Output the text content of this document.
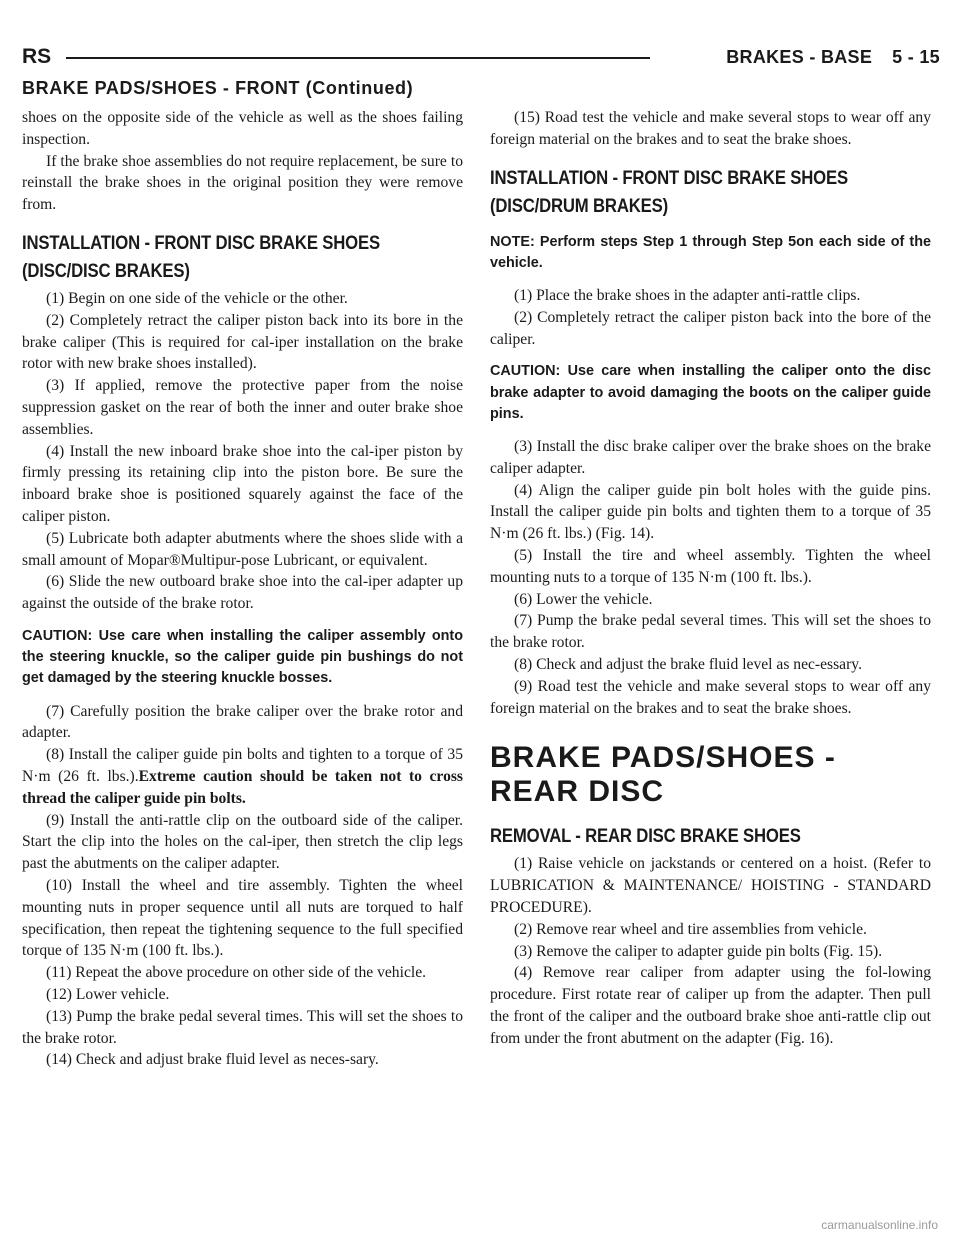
RS	BRAKES - BASE 5 - 15
BRAKE PADS/SHOES - FRONT (Continued)

shoes on the opposite side of the vehicle as well as the shoes failing inspection.

If the brake shoe assemblies do not require replacement, be sure to reinstall the brake shoes in the original position they were remove from.

INSTALLATION - FRONT DISC BRAKE SHOES (DISC/DISC BRAKES)

(1) Begin on one side of the vehicle or the other.

(2) Completely retract the caliper piston back into its bore in the brake caliper (This is required for cal-iper installation on the brake rotor with new brake shoes installed).

(3) If applied, remove the protective paper from the noise suppression gasket on the rear of both the inner and outer brake shoe assemblies.

(4) Install the new inboard brake shoe into the cal-iper piston by firmly pressing its retaining clip into the piston bore. Be sure the inboard brake shoe is positioned squarely against the face of the caliper piston.

(5) Lubricate both adapter abutments where the shoes slide with a small amount of Mopar®Multipur-pose Lubricant, or equivalent.

(6) Slide the new outboard brake shoe into the cal-iper adapter up against the outside of the brake rotor.

CAUTION: Use care when installing the caliper assembly onto the steering knuckle, so the caliper guide pin bushings do not get damaged by the steering knuckle bosses.

(7) Carefully position the brake caliper over the brake rotor and adapter.

(8) Install the caliper guide pin bolts and tighten to a torque of 35 N·m (26 ft. lbs.).Extreme caution should be taken not to cross thread the caliper guide pin bolts.

(9) Install the anti-rattle clip on the outboard side of the caliper. Start the clip into the holes on the cal-iper, then stretch the clip legs past the abutments on the caliper adapter.

(10) Install the wheel and tire assembly. Tighten the wheel mounting nuts in proper sequence until all nuts are torqued to half specification, then repeat the tightening sequence to the full specified torque of 135 N·m (100 ft. lbs.).

(11) Repeat the above procedure on other side of the vehicle.

(12) Lower vehicle.

(13) Pump the brake pedal several times. This will set the shoes to the brake rotor.

(14) Check and adjust brake fluid level as neces-sary.

(15) Road test the vehicle and make several stops to wear off any foreign material on the brakes and to seat the brake shoes.

INSTALLATION - FRONT DISC BRAKE SHOES (DISC/DRUM BRAKES)

NOTE: Perform steps Step 1 through Step 5on each side of the vehicle.

(1) Place the brake shoes in the adapter anti-rattle clips.

(2) Completely retract the caliper piston back into the bore of the caliper.

CAUTION: Use care when installing the caliper onto the disc brake adapter to avoid damaging the boots on the caliper guide pins.

(3) Install the disc brake caliper over the brake shoes on the brake caliper adapter.

(4) Align the caliper guide pin bolt holes with the guide pins. Install the caliper guide pin bolts and tighten them to a torque of 35 N·m (26 ft. lbs.) (Fig. 14).

(5) Install the tire and wheel assembly. Tighten the wheel mounting nuts to a torque of 135 N·m (100 ft. lbs.).

(6) Lower the vehicle.

(7) Pump the brake pedal several times. This will set the shoes to the brake rotor.

(8) Check and adjust the brake fluid level as nec-essary.

(9) Road test the vehicle and make several stops to wear off any foreign material on the brakes and to seat the brake shoes.

BRAKE PADS/SHOES - REAR DISC
REMOVAL - REAR DISC BRAKE SHOES

(1) Raise vehicle on jackstands or centered on a hoist. (Refer to LUBRICATION & MAINTENANCE/ HOISTING - STANDARD PROCEDURE).

(2) Remove rear wheel and tire assemblies from vehicle.

(3) Remove the caliper to adapter guide pin bolts (Fig. 15).

(4) Remove rear caliper from adapter using the fol-lowing procedure. First rotate rear of caliper up from the adapter. Then pull the front of the caliper and the outboard brake shoe anti-rattle clip out from under the front abutment on the adapter (Fig. 16).

carmanualsonline.info
